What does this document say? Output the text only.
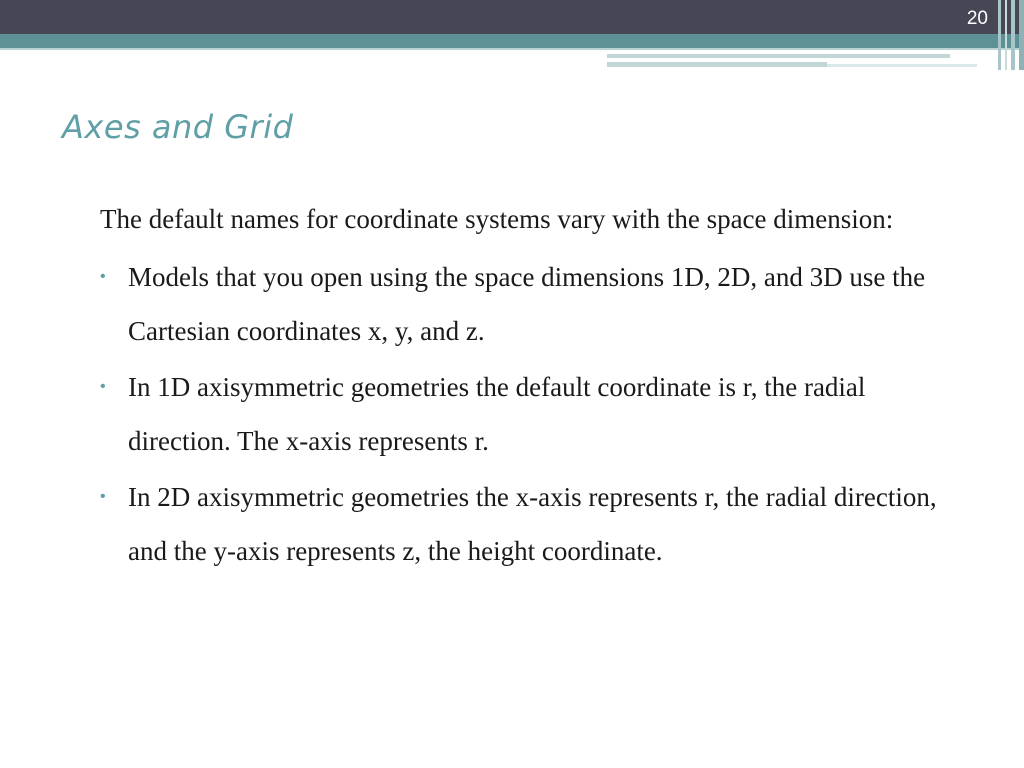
20
Axes and Grid

The default names for coordinate systems vary with the space dimension:

• Models that you open using the space dimensions 1D, 2D, and 3D use the Cartesian coordinates x, y, and z.
• In 1D axisymmetric geometries the default coordinate is r, the radial direction. The x-axis represents r.
• In 2D axisymmetric geometries the x-axis represents r, the radial direction, and the y-axis represents z, the height coordinate.
